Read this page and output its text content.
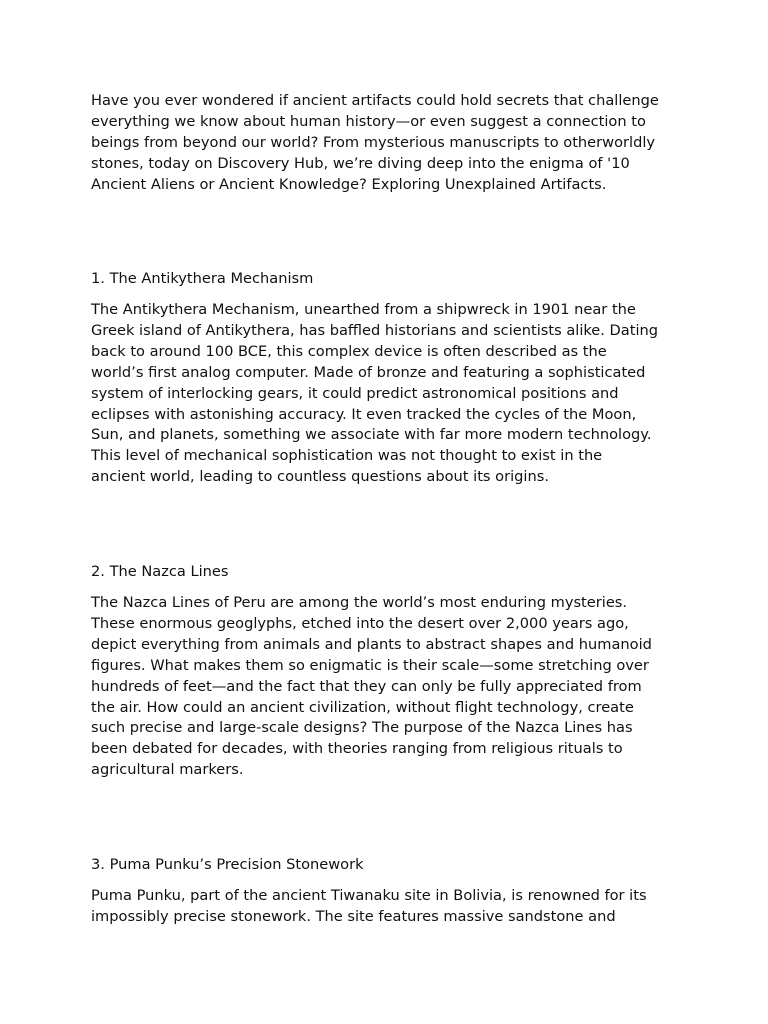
Have you ever wondered if ancient artifacts could hold secrets that challenge
everything we know about human history—or even suggest a connection to
beings from beyond our world? From mysterious manuscripts to otherworldly
stones, today on Discovery Hub, we’re diving deep into the enigma of '10
Ancient Aliens or Ancient Knowledge? Exploring Unexplained Artifacts.

1. The Antikythera Mechanism

The Antikythera Mechanism, unearthed from a shipwreck in 1901 near the
Greek island of Antikythera, has baffled historians and scientists alike. Dating
back to around 100 BCE, this complex device is often described as the
world’s first analog computer. Made of bronze and featuring a sophisticated
system of interlocking gears, it could predict astronomical positions and
eclipses with astonishing accuracy. It even tracked the cycles of the Moon,
Sun, and planets, something we associate with far more modern technology.
This level of mechanical sophistication was not thought to exist in the
ancient world, leading to countless questions about its origins.

2. The Nazca Lines

The Nazca Lines of Peru are among the world’s most enduring mysteries.
These enormous geoglyphs, etched into the desert over 2,000 years ago,
depict everything from animals and plants to abstract shapes and humanoid
figures. What makes them so enigmatic is their scale—some stretching over
hundreds of feet—and the fact that they can only be fully appreciated from
the air. How could an ancient civilization, without flight technology, create
such precise and large-scale designs? The purpose of the Nazca Lines has
been debated for decades, with theories ranging from religious rituals to
agricultural markers.

3. Puma Punku’s Precision Stonework

Puma Punku, part of the ancient Tiwanaku site in Bolivia, is renowned for its
impossibly precise stonework. The site features massive sandstone and
